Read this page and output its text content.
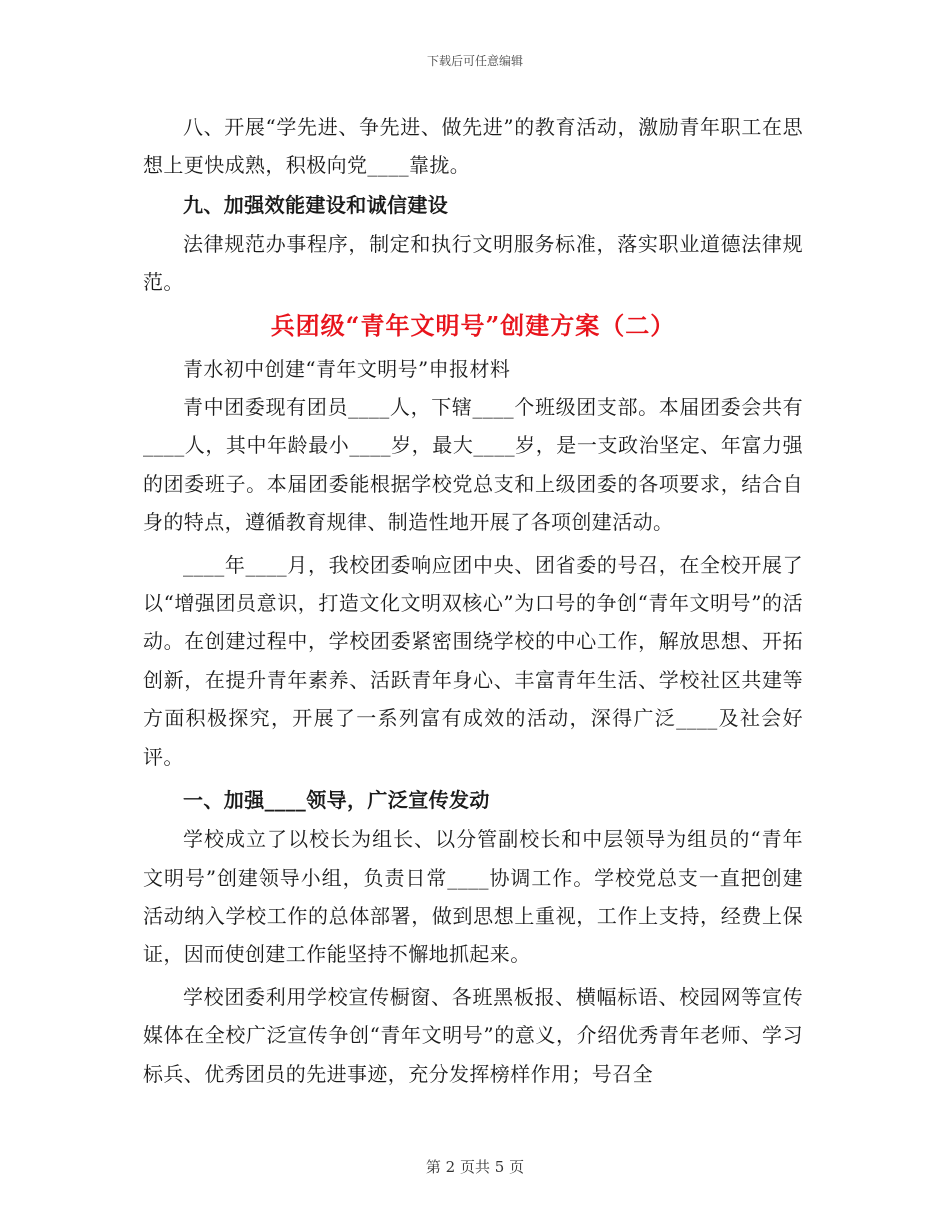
下载后可任意编辑

八、开展“学先进、争先进、做先进”的教育活动，激励青年职工在思想上更快成熟，积极向党____靠拢。

九、加强效能建设和诚信建设

法律规范办事程序，制定和执行文明服务标准，落实职业道德法律规范。

兵团级“青年文明号”创建方案（二）

青水初中创建“青年文明号”申报材料

青中团委现有团员____人，下辖____个班级团支部。本届团委会共有____人，其中年龄最小____岁，最大____岁，是一支政治坚定、年富力强的团委班子。本届团委能根据学校党总支和上级团委的各项要求，结合自身的特点，遵循教育规律、制造性地开展了各项创建活动。

____年____月，我校团委响应团中央、团省委的号召，在全校开展了以“增强团员意识，打造文化文明双核心”为口号的争创“青年文明号”的活动。在创建过程中，学校团委紧密围绕学校的中心工作，解放思想、开拓创新，在提升青年素养、活跃青年身心、丰富青年生活、学校社区共建等方面积极探究，开展了一系列富有成效的活动，深得广泛____及社会好评。

一、加强____领导，广泛宣传发动

学校成立了以校长为组长、以分管副校长和中层领导为组员的“青年文明号”创建领导小组，负责日常____协调工作。学校党总支一直把创建活动纳入学校工作的总体部署，做到思想上重视，工作上支持，经费上保证，因而使创建工作能坚持不懈地抓起来。

学校团委利用学校宣传橱窗、各班黑板报、横幅标语、校园网等宣传媒体在全校广泛宣传争创“青年文明号”的意义，介绍优秀青年老师、学习标兵、优秀团员的先进事迹，充分发挥榜样作用；号召全

第 2 页共 5 页
